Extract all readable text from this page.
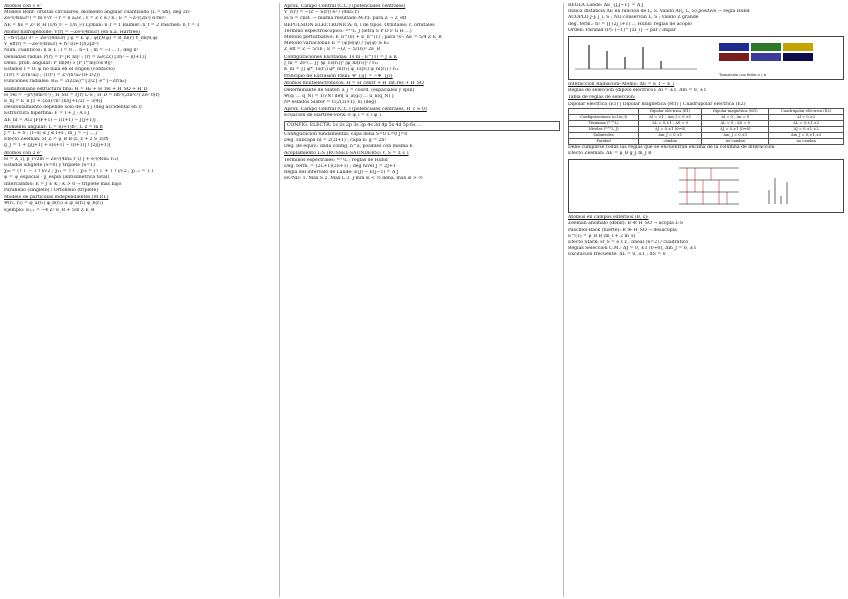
Átomos con 1 e⁻
Modelo Bohr: órbitas circulares, momento angular cuantizado (L = nħ), deg 2n²
Ze²/(4πε₀r²) = m v²/r → r = n a₀/Z ; v = Z c α / n ; E = −Z²/(2n²) α²mc²
ΔE = hν = Z² R_H (1/n_f² − 1/n_i²) Lyman: n_f = 1 Balmer: n_f = 2 Paschen: n_f = 3
Átomo hidrogenoide: V(r) = −Ze²/(4πε₀r) (en u.a. Hartree)
[ −ħ²/(2μ) ∇² − Ze²/(4πε₀r) ] ψ = E ψ ; ψ(r,θ,φ) = R_nl(r) Y_lm(θ,φ)
V_eff(r) = −Ze²/(4πε₀r) + ħ² l(l+1)/(2μr²)
Núm. cuánticos: n ≥ 1 ; l = 0 … n−1 ; m = −l … l ; deg n²
Densidad radial: P(r) = r² |R_nl|² ; ⟨r⟩ = a₀/(2Z) [3n² − l(l+1)]
Dens. prob. angular: P_lm(θ) ∝ |P_l^m(cos θ)|²
Estados l = 0: ψ no nula en el origen (contacto)
⟨1/r⟩ = Z/(n²a₀) ; ⟨1/r²⟩ = Z²/(n³a₀²(l+1/2))
Funciones radiales: R₁₀ = 2(Z/a₀)^{3/2} e^{−Zr/a₀}
Hamiltoniano estructura fina: H = H₀ + H_rel + H_SO + H_D
H_rel = −p⁴/(8m³c²) ; H_SO = ξ(r) L·S ; H_D = πħ²/(2m²c²) Ze² δ(r)
E_nj = E_n [1 + (Zα)²/n² (n/(j+1/2) − 3/4)]
Desdoblamiento depende sólo de n y j (deg accidental en l)
Estructura hiperfina: F = I + J ; A I·J
ΔE_hf = A/2 [F(F+1) − I(I+1) − J(J+1)]
Momento angular: L = l(l+1)ħ², L_z = m ħ
J = L + S ; |l−s| ≤ j ≤ l+s ; m_j = −j … j
Efecto Zeeman: H_Z = μ_B B (L_z + 2 S_z)/ħ
g_J = 1 + [j(j+1) + s(s+1) − l(l+1)] / [2j(j+1)]
Átomos con 2 e⁻
H = Σ_i [ p_i²/2m − Ze²/(4πε₀ r_i) ] + e²/(4πε₀ r₁₂)
Estados singlete (S=0) y triplete (S=1)
χ₀₀ = (↑↓ − ↓↑)/√2 ; χ₁₁ = ↑↑ ; χ₁₀ = (↑↓ + ↓↑)/√2 ; χ₁₋₁ = ↓↓
ψ = ψ_espacial · χ_espín (antisimétrica total)
Intercambio: E = J ± K ; K > 0 → triplete más bajo
Parahelio (singlete) / Ortohelio (triplete)
Modelo de partículas independientes (M.P.I.)
Ψ(r₁, r₂) = φ_a(r₁) φ_b(r₂) ± φ_a(r₂) φ_b(r₁)
Ejemplo: E₁,₁ = −4 Z² E_R + 5/8 Z E_R
Aprox. Campo Central (C.C.) (potenciales centrales)
V_c(r) = −(Z − S(r)) e² / (4πε₀ r)
Si S = cnst. → misma resultado M.P.I. para Z → Z_eff
REPULSIÓN ELECTRÓNICA: n, l de tipos. Orbitales: ℓ, orbitales
Término espectroscópico: ²ˢ⁺¹L_J (letra S P D F G H …)
Método perturbativo: E_n^(0) + E_n^(1) ; para ¹s²: ΔE = 5/4 Z E_R
Método variacional: E = ⟨ψ|H|ψ⟩ / ⟨ψ|ψ⟩ ≥ E₀
Z_eff = Z − 5/16 ; E = −(Z − 5/16)² 2E_R
Configuraciones Excitadas: 1s nl ; E^(1) = J ± K
J_nl = 2e²/... ∫∫ |φ_1s(r₁)|² |φ_nl(r₂)|² / r₁₂
K_nl = ∫∫ φ*_1s(r₁) φ*_nl(r₂) φ_1s(r₂) φ_nl(r₁) / r₁₂
Principio de Exclusión Pauli: Ψ_{ij} = −Ψ_{ji}
Átomos multielectrónicos: H = H_centr + H_int.res + H_SO
Determinante de Slater: a_j = coord. (espaciales y spin)
Ψ(q₁ … q_N) = 1/√N! det[ u_a(q₁) … u_n(q_N) ]
Nº estados Slater = C(2(2l+1), n) (deg)
Aprox. Campo Central (C.C.) (potenciales centrales, H_c ≈ 0)
Ecuación de Hartree-Fock: F φ_i = ε_i φ_i
CONFIG. ELECTR: 1s 2s 2p 3s 3p 4s 3d 4p 5s 4d 5p 6s …
Configuración fundamental: capa llena S=0 L=0 J=0
Deg. subcapa nl = 2(2l+1) ; capa n: g = 2n²
Deg. de equiv.: dada config. n^a, posibles con misma E
Acoplamiento L-S (RUSSEL-SAUNDERS): ℓ, S = Σ s_i
Términos espectrales: ²ˢ⁺¹L ; reglas de Hund
Deg. térm. = (2L+1)(2S+1) ; deg nivel J = 2J+1
Regla del intervalo de Landé: E(J) − E(J−1) = A J
HUND: 1. Máx S 2. Máx L 3. J mín si < ½ llena, máx si > ½
REGLA Landé: ΔE_{J,J−1} = A J
Indica distancia ΔE en función de L, S. Válido A(ζ, L, S) positivo → regla Hund
ACOPLO J-J: j_i, S ; NO conservan L, S ; válido Z grande
deg. térm.: n! = ∏ (2j_i+1) … Hund: reglas de acoplo
Orden: Paridad (P): (−1)^{Σl_i} → par / impar
Transición con fotón σ / π
Interacción Radiación–Átomo: ΔE = E_f − E_i
Reglas de selección (dipolo eléctrico): Δl = ±1, Δm = 0, ±1
Tabla de reglas de selección:
Dipolar eléctrica (E1) | Dipolar magnética (M1) | Cuadrupolar eléctrica (E2)
	Dipolar eléctrica (E1)	Dipolar magnética (M1)	Cuadrupolar eléctrica (E2)
Configuraciones (n,l,m_l)	Δl = ±1 ; Δm_l = 0,±1	Δl = 0 ; Δn = 0	Δl = 0,±2
Términos (²ˢ⁺¹L)	ΔL = 0,±1 ; ΔS = 0	ΔL = 0 ; ΔS = 0	ΔL = 0,±1,±2
Niveles (²ˢ⁺¹L_J)	ΔJ = 0,±1 (0↛0)	ΔJ = 0,±1 (0↛0)	ΔJ = 0,±1,±2
Subniveles	Δm_J = 0,±1	Δm_J = 0,±1	Δm_J = 0,±1,±2
Paridad	cambia	no cambia	no cambia
Debe cumplirse todas las reglas que se encuentran encima de la columna de interacción
Efecto Zeeman: ΔE = μ_B g_J m_J B
Átomos en campos externos (B, ε):
Zeeman anómalo (débil): B ≪ H_SO → acopla L-S
Paschen-Back (fuerte): B ≫ H_SO → desacopla
E^(1) = μ_B B (m_l + 2 m_s)
Efecto Stark: H_S = e ε z ; lineal (n=2) / cuadrático
Reglas Selección C.M.: ΔJ = 0, ±1 (0↛0), Δm_J = 0, ±1
Excitación frecuente: ΔL = 0, ±1 ; ΔS = 0
